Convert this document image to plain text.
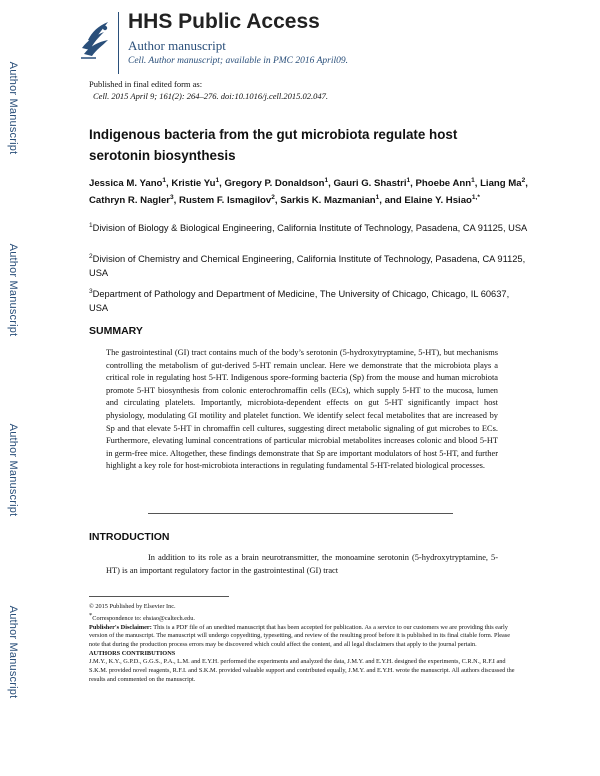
Author Manuscript
Author Manuscript
Author Manuscript
Author Manuscript
HHS Public Access
Author manuscript
Cell. Author manuscript; available in PMC 2016 April09.
Published in final edited form as:
Cell. 2015 April 9; 161(2): 264–276. doi:10.1016/j.cell.2015.02.047.
Indigenous bacteria from the gut microbiota regulate host serotonin biosynthesis

Jessica M. Yano$^1$, Kristie Yu$^1$, Gregory P. Donaldson$^1$, Gauri G. Shastri$^1$, Phoebe Ann$^1$, Liang Ma$^2$, Cathryn R. Nagler$^3$, Rustem F. Ismagilov$^2$, Sarkis K. Mazmanian$^1$, and Elaine Y. Hsiao$^{1,*}$

$^1$Division of Biology & Biological Engineering, California Institute of Technology, Pasadena, CA 91125, USA

$^2$Division of Chemistry and Chemical Engineering, California Institute of Technology, Pasadena, CA 91125, USA

$^3$Department of Pathology and Department of Medicine, The University of Chicago, Chicago, IL 60637, USA

SUMMARY

The gastrointestinal (GI) tract contains much of the body’s serotonin (5-hydroxytryptamine, 5-HT), but mechanisms controlling the metabolism of gut-derived 5-HT remain unclear. Here we demonstrate that the microbiota plays a critical role in regulating host 5-HT. Indigenous spore-forming bacteria (Sp) from the mouse and human microbiota promote 5-HT biosynthesis from colonic enterochromaffin cells (ECs), which supply 5-HT to the mucosa, lumen and circulating platelets. Importantly, microbiota-dependent effects on gut 5-HT significantly impact host physiology, modulating GI motility and platelet function. We identify select fecal metabolites that are increased by Sp and that elevate 5-HT in chromaffin cell cultures, suggesting direct metabolic signaling of gut microbes to ECs. Furthermore, elevating luminal concentrations of particular microbial metabolites increases colonic and blood 5-HT in germ-free mice. Altogether, these findings demonstrate that Sp are important modulators of host 5-HT, and further highlight a key role for host-microbiota interactions in regulating fundamental 5-HT-related biological processes.

INTRODUCTION

In addition to its role as a brain neurotransmitter, the monoamine serotonin (5-hydroxytryptamine, 5-HT) is an important regulatory factor in the gastrointestinal (GI) tract

© 2015 Published by Elsevier Inc.

*Correspondence to: ehsiao@caltech.edu.

Publisher's Disclaimer: This is a PDF file of an unedited manuscript that has been accepted for publication. As a service to our customers we are providing this early version of the manuscript. The manuscript will undergo copyediting, typesetting, and review of the resulting proof before it is published in its final citable form. Please note that during the production process errors may be discovered which could affect the content, and all legal disclaimers that apply to the journal pertain.

AUTHORS CONTRIBUTIONS

J.M.Y., K.Y., G.P.D., G.G.S., P.A., L.M. and E.Y.H. performed the experiments and analyzed the data, J.M.Y. and E.Y.H. designed the experiments, C.R.N., R.F.I and S.K.M. provided novel reagents, R.F.I. and S.K.M. provided valuable support and contributed equally, J.M.Y. and E.Y.H. wrote the manuscript. All authors discussed the results and commented on the manuscript.
